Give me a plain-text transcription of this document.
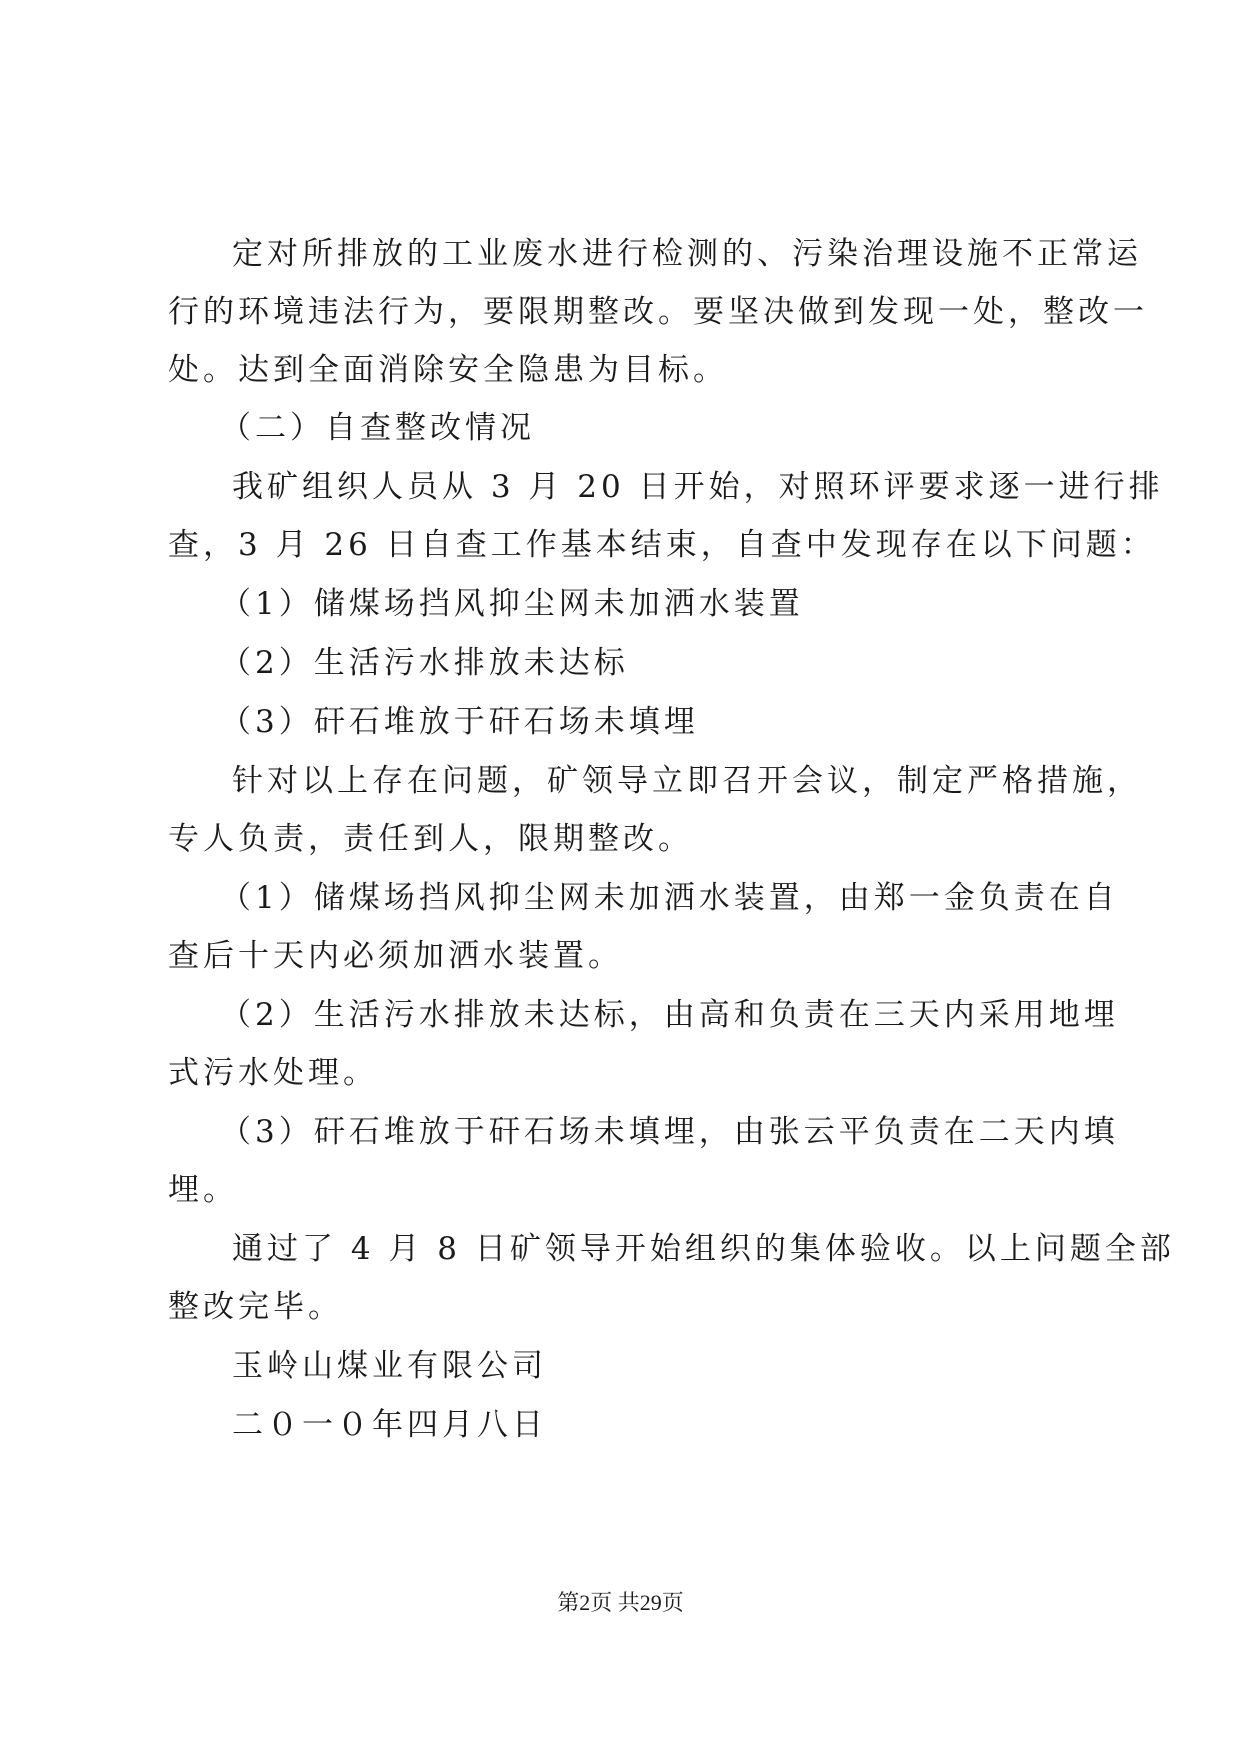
定对所排放的工业废水进行检测的、污染治理设施不正常运
行的环境违法行为，要限期整改。要坚决做到发现一处，整改一
处。达到全面消除安全隐患为目标。
（二）自查整改情况
我矿组织人员从 3 月 20 日开始，对照环评要求逐一进行排
查，3 月 26 日自查工作基本结束，自查中发现存在以下问题：
（1）储煤场挡风抑尘网未加洒水装置
（2）生活污水排放未达标
（3）矸石堆放于矸石场未填埋
针对以上存在问题，矿领导立即召开会议，制定严格措施，
专人负责，责任到人，限期整改。
（1）储煤场挡风抑尘网未加洒水装置，由郑一金负责在自
查后十天内必须加洒水装置。
（2）生活污水排放未达标，由高和负责在三天内采用地埋
式污水处理。
（3）矸石堆放于矸石场未填埋，由张云平负责在二天内填
埋。
通过了 4 月 8 日矿领导开始组织的集体验收。以上问题全部
整改完毕。
玉岭山煤业有限公司
二０一０年四月八日
第2页 共29页
